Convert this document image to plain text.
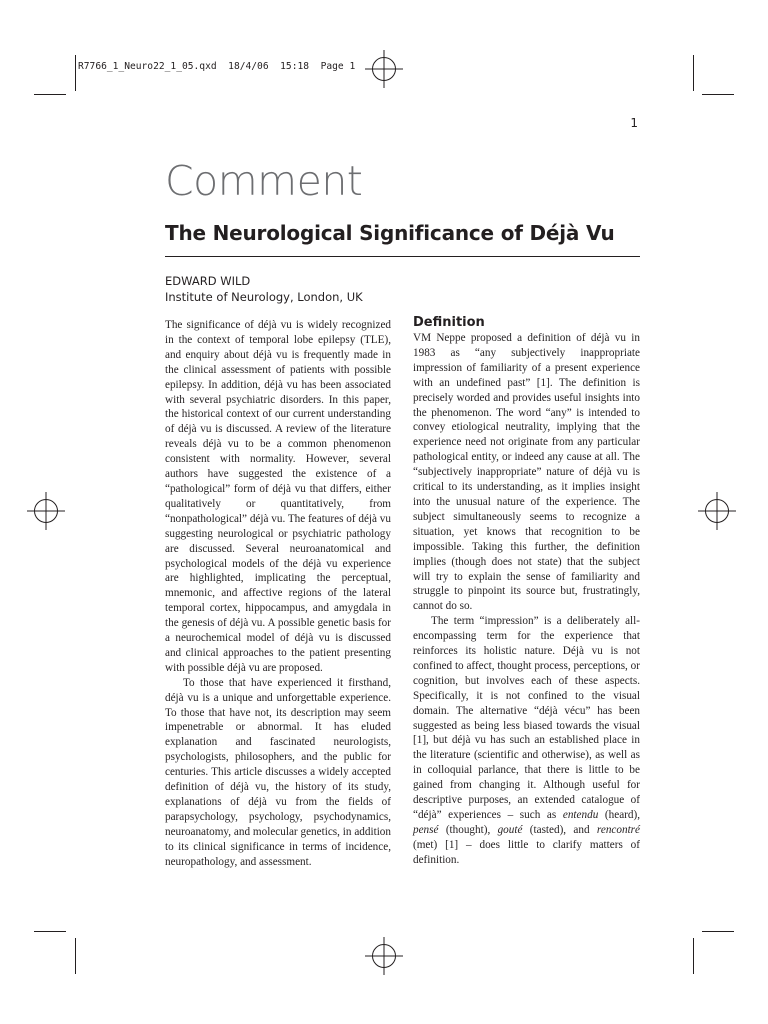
R7766_1_Neuro22_1_05.qxd  18/4/06  15:18  Page 1
1
Comment
The Neurological Significance of Déjà Vu
EDWARD WILD
Institute of Neurology, London, UK

The significance of déjà vu is widely recognized in the context of temporal lobe epilepsy (TLE), and enquiry about déjà vu is frequently made in the clinical assessment of patients with possible epilepsy. In addition, déjà vu has been associated with several psychiatric disorders. In this paper, the historical context of our current understanding of déjà vu is discussed. A review of the literature reveals déjà vu to be a common phenomenon consistent with normality. However, several authors have suggested the existence of a “pathological” form of déjà vu that differs, either qualitatively or quantitatively, from “nonpathological” déjà vu. The features of déjà vu suggesting neurological or psychiatric pathology are discussed. Several neuroanatomical and psychological models of the déjà vu experience are highlighted, implicating the perceptual, mnemonic, and affective regions of the lateral temporal cortex, hippocampus, and amygdala in the genesis of déjà vu. A possible genetic basis for a neurochemical model of déjà vu is discussed and clinical approaches to the patient presenting with possible déjà vu are proposed.

To those that have experienced it firsthand, déjà vu is a unique and unforgettable experience. To those that have not, its description may seem impenetrable or abnormal. It has eluded explanation and fascinated neurologists, psychologists, philosophers, and the public for centuries. This article discusses a widely accepted definition of déjà vu, the history of its study, explanations of déjà vu from the fields of parapsychology, psychology, psychodynamics, neuroanatomy, and molecular genetics, in addition to its clinical significance in terms of incidence, neuropathology, and assessment.

Definition

VM Neppe proposed a definition of déjà vu in 1983 as “any subjectively inappropriate impression of familiarity of a present experience with an undefined past” [1]. The definition is precisely worded and provides useful insights into the phenomenon. The word “any” is intended to convey etiological neutrality, implying that the experience need not originate from any particular pathological entity, or indeed any cause at all. The “subjectively inappropriate” nature of déjà vu is critical to its understanding, as it implies insight into the unusual nature of the experience. The subject simultaneously seems to recognize a situation, yet knows that recognition to be impossible. Taking this further, the definition implies (though does not state) that the subject will try to explain the sense of familiarity and struggle to pinpoint its source but, frustratingly, cannot do so.

The term “impression” is a deliberately all-encompassing term for the experience that reinforces its holistic nature. Déjà vu is not confined to affect, thought process, perceptions, or cognition, but involves each of these aspects. Specifically, it is not confined to the visual domain. The alternative “déjà vécu” has been suggested as being less biased towards the visual [1], but déjà vu has such an established place in the literature (scientific and otherwise), as well as in colloquial parlance, that there is little to be gained from changing it. Although useful for descriptive purposes, an extended catalogue of “déjà” experiences – such as entendu (heard), pensé (thought), gouté (tasted), and rencontré (met) [1] – does little to clarify matters of definition.
